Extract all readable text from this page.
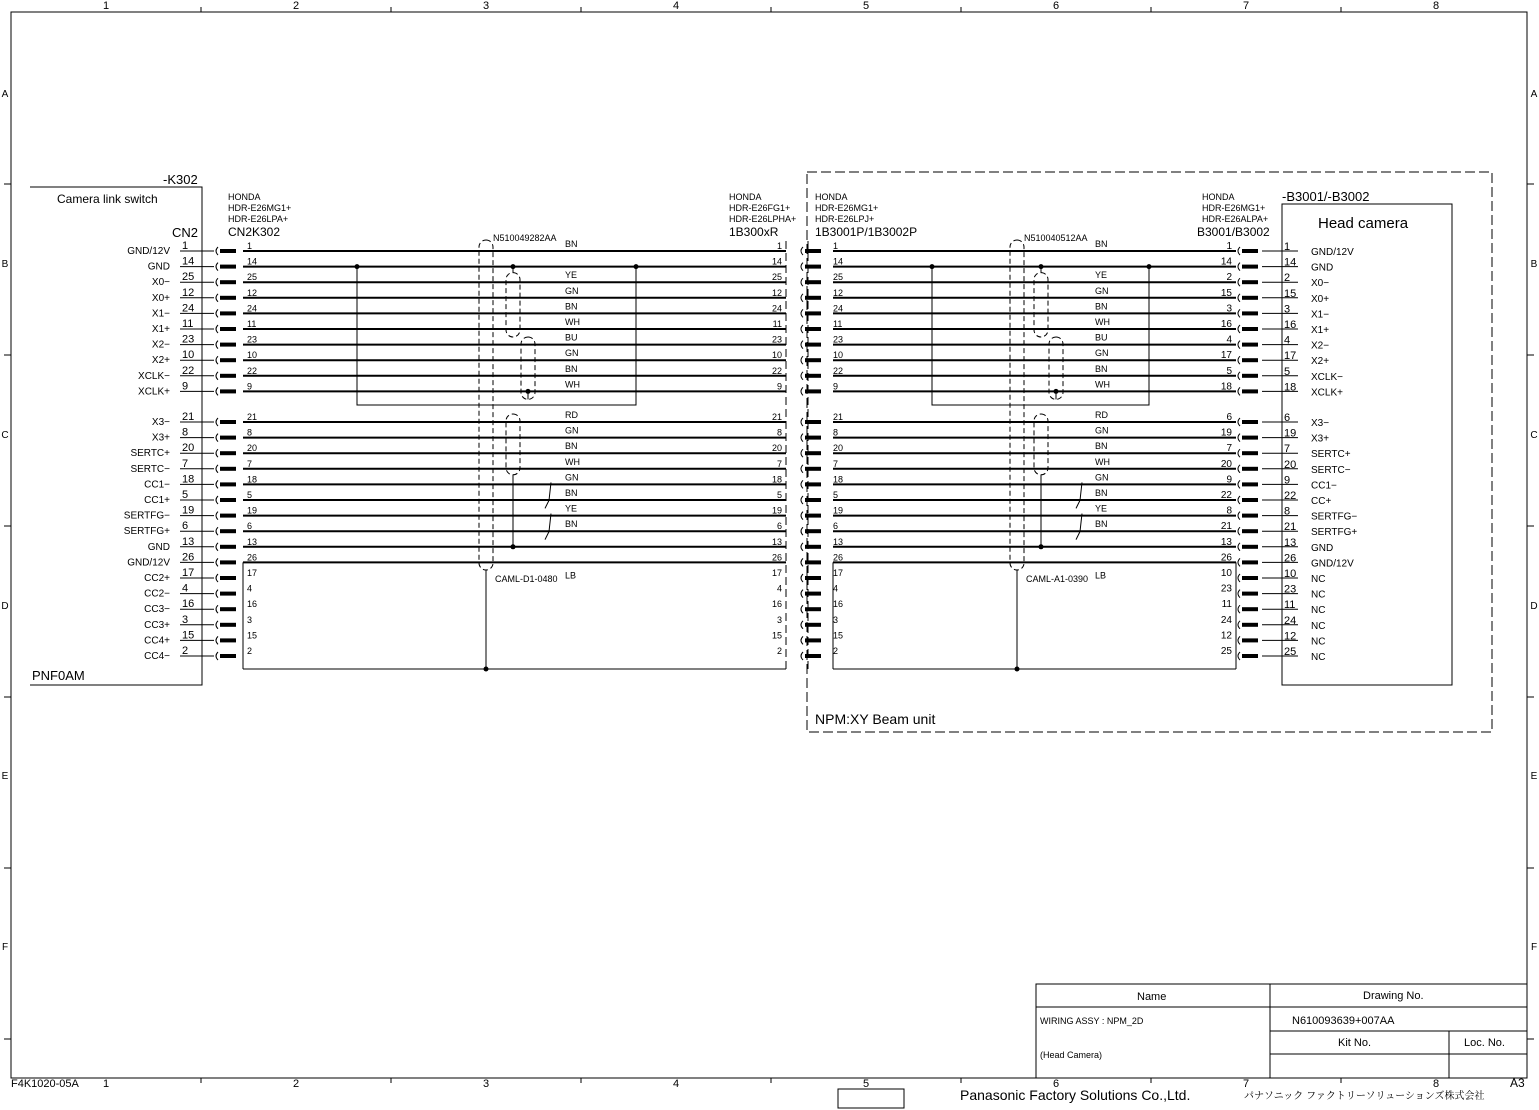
1
1
2
2
3
3
4
4
5
5
6
6
7
7
8
8
A	A
B	B
C	C
D	D
E	E
F	F
GND/12V 1	1	1	1	1	1 GND/12V
GND 14	14	14	14	14	14 GND
X0− 25	25	25	25	2	2 X0−
X0+ 12	12	12	12	15	15 X0+
X1− 24	24	24	24	3	3 X1−
X1+ 11	11	11	11	16	16 X1+
X2− 23	23	23	23	4	4 X2−
X2+ 10	10	10	10	17	17 X2+
XCLK− 22	22	22	22	5	5 XCLK−
XCLK+ 9	9	9	9	18	18 XCLK+
X3− 21	21	21	21	6	6 X3−
X3+ 8	8	8	8	19	19 X3+
SERTC+ 20	20	20	20	7	7 SERTC+
SERTC− 7	7	7	7	20	20 SERTC−
CC1− 18	18	18	18	9	9 CC1−
CC1+ 5	5	5	5	22	22 CC+
SERTFG− 19	19	19	19	8	8 SERTFG−
SERTFG+ 6	6	6	6	21	21 SERTFG+
GND 13	13	13	13	13	13 GND
GND/12V 26	26	26	26	26	26 GND/12V
CC2+ 17	17	17	17	10	10 NC
CC2− 4	4	4	4	23	23 NC
CC3− 16	16	16	16	11	11 NC
CC3+ 3	3	3	3	24	24 NC
CC4+ 15	15	15	15	12	12 NC
CC4− 2	2	2	2	25	25 NC
BN	BN
YE	YE
GN	GN
BN	BN
WH	WH
BU	BU
GN	GN
BN	BN
WH	WH
RD	RD
GN	GN
BN	BN
WH	WH
GN	GN
BN	BN
YE	YE
BN	BN
LB	LB
-K302
Camera link switch
CN2
PNF0AM
HONDA
HDR-E26MG1+
HDR-E26LPA+
CN2K302
HONDA
HDR-E26FG1+
HDR-E26LPHA+
1B300xR
N510049282AA
CAML-D1-0480
NPM:XY Beam unit
HONDA
HDR-E26MG1+
HDR-E26LPJ+
1B3001P/1B3002P
HONDA
HDR-E26MG1+
HDR-E26ALPA+
B3001/B3002
N510040512AA
CAML-A1-0390
-B3001/-B3002
Head camera
Name	Drawing No.
WIRING ASSY : NPM_2D
(Head Camera)
N610093639+007AA
Kit No.	Loc. No.
F4K1020-05A	A3
Panasonic Factory Solutions Co.,Ltd.	パナソニック ファクトリーソリューションズ株式会社
